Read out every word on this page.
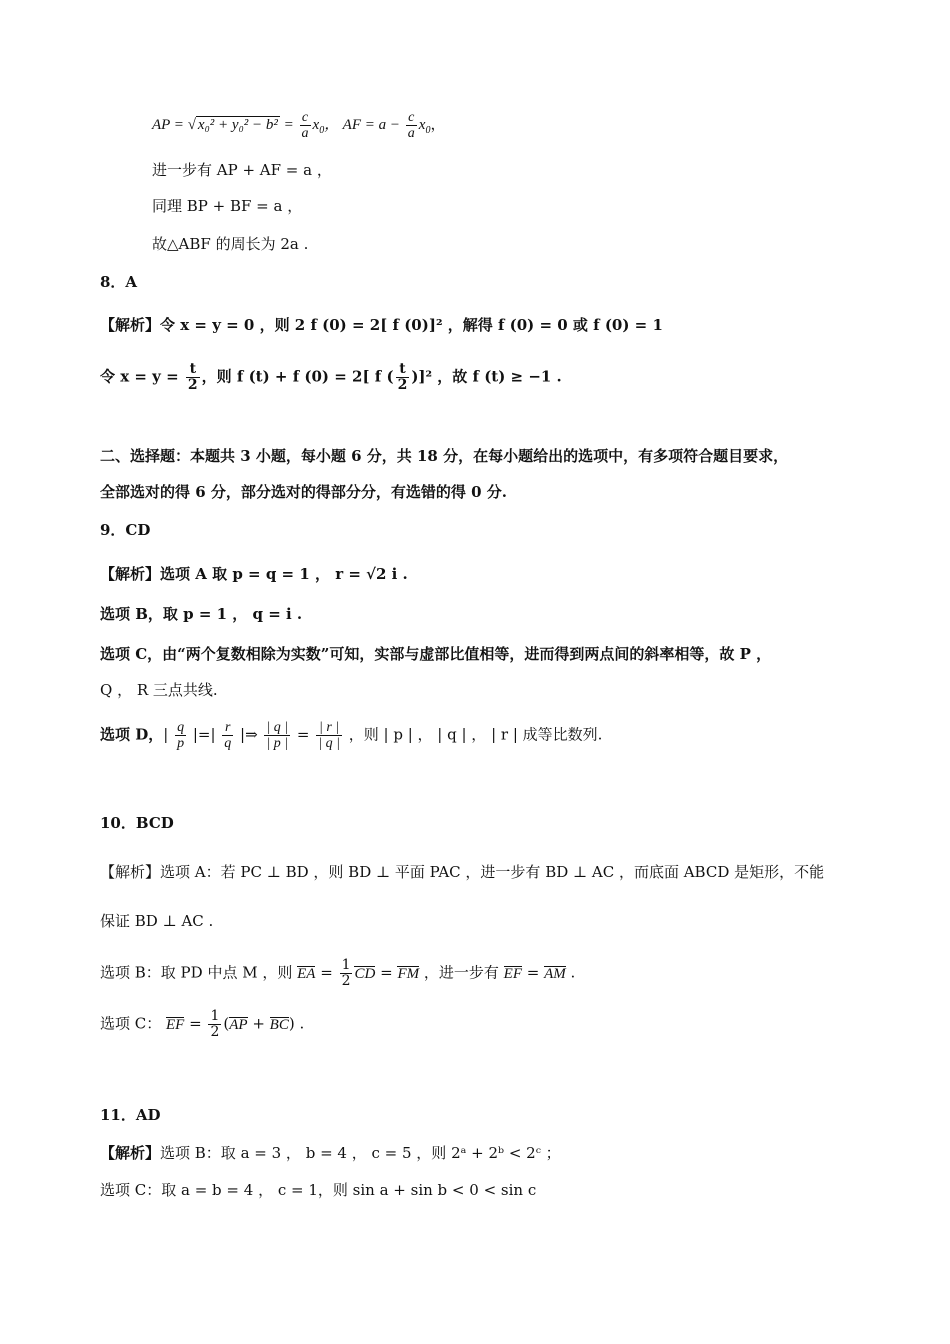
AP = √ $x_0^2 + y_0^2 - b^2 = \frac{c}{a} x_0$， AF = $a - \frac{c}{a} x_0$，
进一步有 AP + AF = a ，
同理 BP + BF = a ，
故△ABF 的周长为 2a .
8．A
【解析】令 x = y = 0 ，则 2 f (0) = 2[ f (0)]² ，解得 f (0) = 0 或 f (0) = 1
令 $x = y = \frac{t}{2}$ ，则 f (t) + f (0) = 2[ f ( $\frac{t}{2} )]^2$ ，故 f (t) ≥ −1 .
二、选择题：本题共 3 小题，每小题 6 分，共 18 分，在每小题给出的选项中，有多项符合题目要求，
全部选对的得 6 分，部分选对的得部分分，有选错的得 0 分.
9．CD
【解析】选项 A 取 p = q = 1 ， r = √2 i .
选项 B，取 p = 1 ， q = i .
选项 C，由“两个复数相除为实数”可知，实部与虚部比值相等，进而得到两点间的斜率相等，故 P ，
Q ， R 三点共线.
选项 D，| $\frac{q}{p}$ |=| $\frac{r}{q}$ |⇒ $\frac{| q |}{| p |} = \frac{| r |}{| q |}$ ，则 | p | ， | q | ， | r | 成等比数列.
10．BCD
【解析】选项 A：若 PC ⊥ BD ，则 BD ⊥ 平面 PAC ，进一步有 BD ⊥ AC ，而底面 ABCD 是矩形，不能
保证 BD ⊥ AC .
选项 B：取 PD 中点 M ，则 EA = $\frac{1}{2}$ CD = FM ，进一步有 EF = AM .
选项 C： EF = $\frac{1}{2} (AP + BC)$ .
11．AD
【解析】选项 B：取 a = 3 ， b = 4 ， c = 5 ，则 2ᵃ + 2ᵇ < 2ᶜ ；
选项 C：取 a = b = 4 ， c = 1，则 sin a + sin b < 0 < sin c
